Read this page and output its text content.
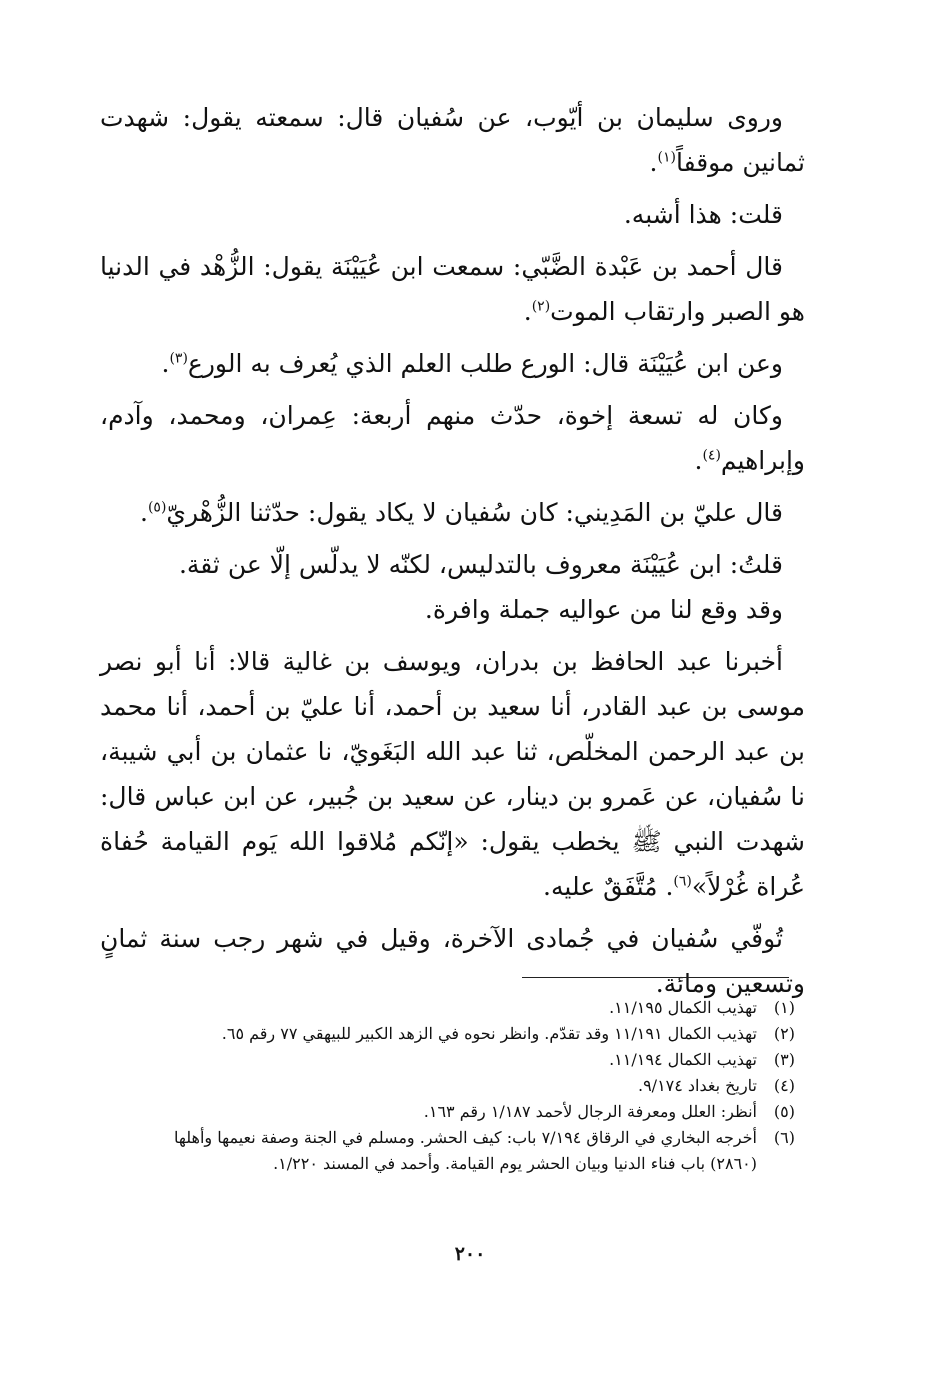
وروى سليمان بن أيّوب، عن سُفيان قال: سمعته يقول: شهدت ثمانين موقفاً$^{(١)}$.

قلت: هذا أشبه.

قال أحمد بن عَبْدة الضَّبّي: سمعت ابن عُيَيْنَة يقول: الزُّهْد في الدنيا هو الصبر وارتقاب الموت$^{(٢)}$.

وعن ابن عُيَيْنَة قال: الورع طلب العلم الذي يُعرف به الورع$^{(٣)}$.

وكان له تسعة إخوة، حدّث منهم أربعة: عِمران، ومحمد، وآدم، وإبراهيم$^{(٤)}$.

قال عليّ بن المَدِيني: كان سُفيان لا يكاد يقول: حدّثنا الزُّهْريّ$^{(٥)}$.

قلتُ: ابن عُيَيْنَة معروف بالتدليس، لكنّه لا يدلّس إلّا عن ثقة.

وقد وقع لنا من عواليه جملة وافرة.

أخبرنا عبد الحافظ بن بدران، ويوسف بن غالية قالا: أنا أبو نصر موسى بن عبد القادر، أنا سعيد بن أحمد، أنا عليّ بن أحمد، أنا محمد بن عبد الرحمن المخلّص، ثنا عبد الله البَغَويّ، نا عثمان بن أبي شيبة، نا سُفيان، عن عَمرو بن دينار، عن سعيد بن جُبير، عن ابن عباس قال: شهدت النبي ﷺ يخطب يقول: «إنّكم مُلاقوا الله يَوم القيامة حُفاة عُراة غُرْلاً»$^{(٦)}$. مُتَّفَقٌ عليه.

تُوفّي سُفيان في جُمادى الآخرة، وقيل في شهر رجب سنة ثمانٍ وتسعين ومائة.

(١)
تهذيب الكمال ١١/١٩٥.

(٢)
تهذيب الكمال ١١/١٩١ وقد تقدّم. وانظر نحوه في الزهد الكبير للبيهقي ٧٧ رقم ٦٥.

(٣)
تهذيب الكمال ١١/١٩٤.

(٤)
تاريخ بغداد ٩/١٧٤.

(٥)
أنظر: العلل ومعرفة الرجال لأحمد ١/١٨٧ رقم ١٦٣.

(٦)
أخرجه البخاري في الرقاق ٧/١٩٤ باب: كيف الحشر. ومسلم في الجنة وصفة نعيمها وأهلها (٢٨٦٠) باب فناء الدنيا وبيان الحشر يوم القيامة. وأحمد في المسند ١/٢٢٠.

٢٠٠
